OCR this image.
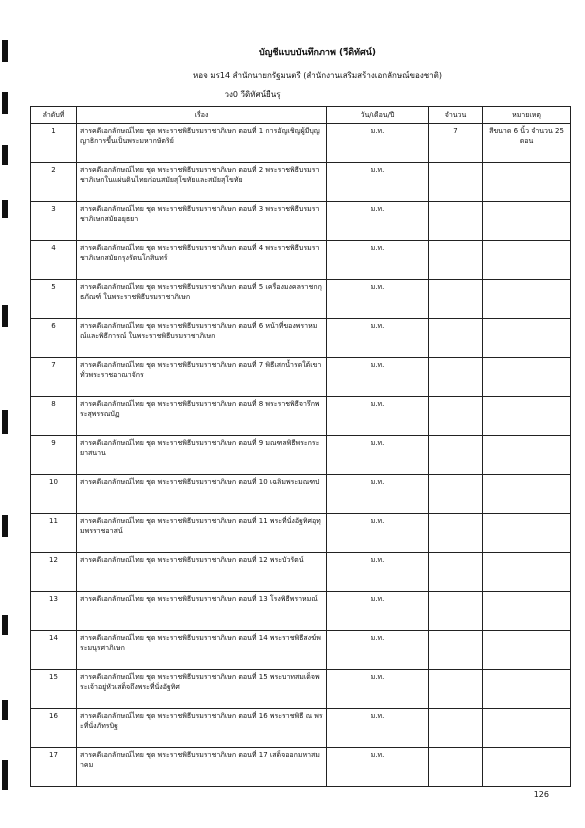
บัญชีแบบบันทึกภาพ (วีดิทัศน์)
หอจ มร14 สำนักนายกรัฐมนตรี (สำนักงานเสริมสร้างเอกลักษณ์ของชาติ)
วง0 วีดิทัศน์ยืนรุ
ลำดับที่	เรื่อง	วัน/เดือน/ปี	จำนวน	หมายเหตุ
1	สารคดีเอกลักษณ์ไทย ชุด พระราชพิธีบรมราชาภิเษก ตอนที่ 1 การอัญเชิญผู้มีบุญญาธิการขึ้นเป็นพระมหากษัตริย์	ม.ท.	7	สีขนาด 6 นิ้ว จำนวน 25 ตอน
2	สารคดีเอกลักษณ์ไทย ชุด พระราชพิธีบรมราชาภิเษก ตอนที่ 2 พระราชพิธีบรมราชาภิเษกในแผ่นดินไทยก่อนสมัยสุโขทัยและสมัยสุโขทัย	ม.ท.		
3	สารคดีเอกลักษณ์ไทย ชุด พระราชพิธีบรมราชาภิเษก ตอนที่ 3 พระราชพิธีบรมราชาภิเษกสมัยอยุธยา	ม.ท.		
4	สารคดีเอกลักษณ์ไทย ชุด พระราชพิธีบรมราชาภิเษก ตอนที่ 4 พระราชพิธีบรมราชาภิเษกสมัยกรุงรัตนโกสินทร์	ม.ท.		
5	สารคดีเอกลักษณ์ไทย ชุด พระราชพิธีบรมราชาภิเษก ตอนที่ 5 เครื่องมงคลราชกกุธภัณฑ์ ในพระราชพิธีบรมราชาภิเษก	ม.ท.		
6	สารคดีเอกลักษณ์ไทย ชุด พระราชพิธีบรมราชาภิเษก ตอนที่ 6 หน้าที่ของพราหมณ์และพิธีการณ์ ในพระราชพิธีบรมราชาภิเษก	ม.ท.		
7	สารคดีเอกลักษณ์ไทย ชุด พระราชพิธีบรมราชาภิเษก ตอนที่ 7 พิธีเสกน้ำรดใต้เขาทั่วพระราชอาณาจักร	ม.ท.		
8	สารคดีเอกลักษณ์ไทย ชุด พระราชพิธีบรมราชาภิเษก ตอนที่ 8 พระราชพิธีจารึกพระสุพรรณบัฏ	ม.ท.		
9	สารคดีเอกลักษณ์ไทย ชุด พระราชพิธีบรมราชาภิเษก ตอนที่ 9 มณฑลพิธีพระกระยาสนาน	ม.ท.		
10	สารคดีเอกลักษณ์ไทย ชุด พระราชพิธีบรมราชาภิเษก ตอนที่ 10 เฉลิมพระมณฑป	ม.ท.		
11	สารคดีเอกลักษณ์ไทย ชุด พระราชพิธีบรมราชาภิเษก ตอนที่ 11 พระที่นั่งอัฐทิศอุทุมพรราชอาสน์	ม.ท.		
12	สารคดีเอกลักษณ์ไทย ชุด พระราชพิธีบรมราชาภิเษก ตอนที่ 12 พระบัวรัตน์	ม.ท.		
13	สารคดีเอกลักษณ์ไทย ชุด พระราชพิธีบรมราชาภิเษก ตอนที่ 13 โรงพิธีพราหมณ์	ม.ท.		
14	สารคดีเอกลักษณ์ไทย ชุด พระราชพิธีบรมราชาภิเษก ตอนที่ 14 พระราชพิธีสงฆ์พระมนุรศาภิเษก	ม.ท.		
15	สารคดีเอกลักษณ์ไทย ชุด พระราชพิธีบรมราชาภิเษก ตอนที่ 15 พระบาทสมเด็จพระเจ้าอยู่หัวเสด็จถึงพระที่นั่งอัฐทิศ	ม.ท.		
16	สารคดีเอกลักษณ์ไทย ชุด พระราชพิธีบรมราชาภิเษก ตอนที่ 16 พระราชพิธี ณ พระที่นั่งภัทรบิฐ	ม.ท.		
17	สารคดีเอกลักษณ์ไทย ชุด พระราชพิธีบรมราชาภิเษก ตอนที่ 17 เสด็จออกมหาสมาคม	ม.ท.		
126
